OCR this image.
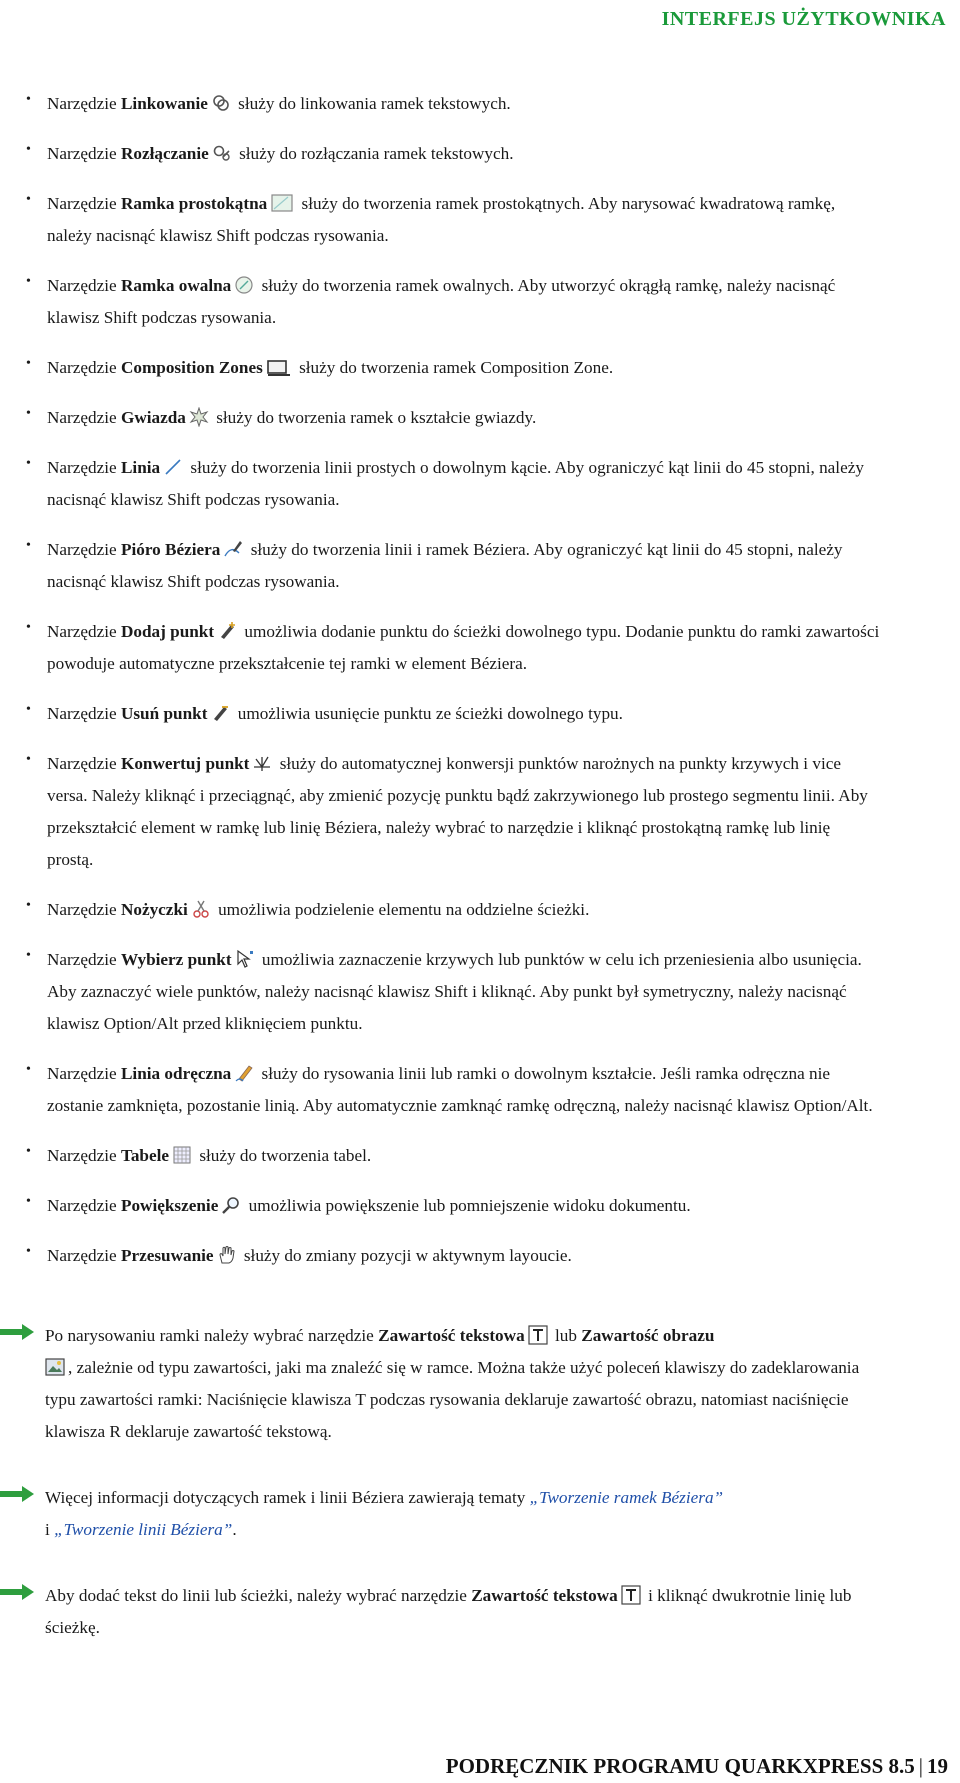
INTERFEJS UŻYTKOWNIKA
• Narzędzie Linkowanie służy do linkowania ramek tekstowych.
• Narzędzie Rozłączanie służy do rozłączania ramek tekstowych.
• Narzędzie Ramka prostokątna służy do tworzenia ramek prostokątnych. Aby narysować kwadratową ramkę, należy nacisnąć klawisz Shift podczas rysowania.
• Narzędzie Ramka owalna służy do tworzenia ramek owalnych. Aby utworzyć okrągłą ramkę, należy nacisnąć klawisz Shift podczas rysowania.
• Narzędzie Composition Zones służy do tworzenia ramek Composition Zone.
• Narzędzie Gwiazda służy do tworzenia ramek o kształcie gwiazdy.
• Narzędzie Linia służy do tworzenia linii prostych o dowolnym kącie. Aby ograniczyć kąt linii do 45 stopni, należy nacisnąć klawisz Shift podczas rysowania.
• Narzędzie Pióro Béziera służy do tworzenia linii i ramek Béziera. Aby ograniczyć kąt linii do 45 stopni, należy nacisnąć klawisz Shift podczas rysowania.
• Narzędzie Dodaj punkt umożliwia dodanie punktu do ścieżki dowolnego typu. Dodanie punktu do ramki zawartości powoduje automatyczne przekształcenie tej ramki w element Béziera.
• Narzędzie Usuń punkt umożliwia usunięcie punktu ze ścieżki dowolnego typu.
• Narzędzie Konwertuj punkt służy do automatycznej konwersji punktów narożnych na punkty krzywych i vice versa. Należy kliknąć i przeciągnąć, aby zmienić pozycję punktu bądź zakrzywionego lub prostego segmentu linii. Aby przekształcić element w ramkę lub linię Béziera, należy wybrać to narzędzie i kliknąć prostokątną ramkę lub linię prostą.
• Narzędzie Nożyczki umożliwia podzielenie elementu na oddzielne ścieżki.
• Narzędzie Wybierz punkt umożliwia zaznaczenie krzywych lub punktów w celu ich przeniesienia albo usunięcia. Aby zaznaczyć wiele punktów, należy nacisnąć klawisz Shift i kliknąć. Aby punkt był symetryczny, należy nacisnąć klawisz Option/Alt przed kliknięciem punktu.
• Narzędzie Linia odręczna służy do rysowania linii lub ramki o dowolnym kształcie. Jeśli ramka odręczna nie zostanie zamknięta, pozostanie linią. Aby automatycznie zamknąć ramkę odręczną, należy nacisnąć klawisz Option/Alt.
• Narzędzie Tabele służy do tworzenia tabel.
• Narzędzie Powiększenie umożliwia powiększenie lub pomniejszenie widoku dokumentu.
• Narzędzie Przesuwanie służy do zmiany pozycji w aktywnym layoucie.
Po narysowaniu ramki należy wybrać narzędzie Zawartość tekstowa lub Zawartość obrazu
, zależnie od typu zawartości, jaki ma znaleźć się w ramce. Można także użyć poleceń klawiszy do zadeklarowania typu zawartości ramki: Naciśnięcie klawisza T podczas rysowania deklaruje zawartość obrazu, natomiast naciśnięcie klawisza R deklaruje zawartość tekstową.
Więcej informacji dotyczących ramek i linii Béziera zawierają tematy „Tworzenie ramek Béziera”
i „Tworzenie linii Béziera”.
Aby dodać tekst do linii lub ścieżki, należy wybrać narzędzie Zawartość tekstowa i kliknąć dwukrotnie linię lub ścieżkę.
PODRĘCZNIK PROGRAMU QUARKXPRESS 8.5 | 19
